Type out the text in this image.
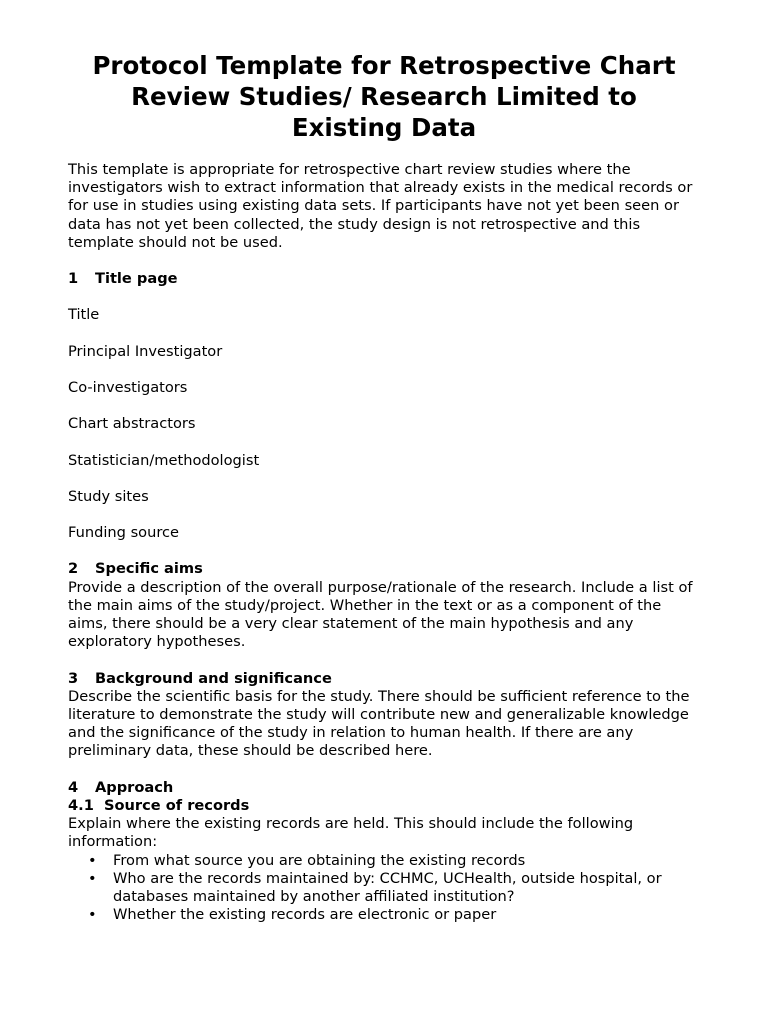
Protocol Template for Retrospective Chart Review Studies/ Research Limited to Existing Data

This template is appropriate for retrospective chart review studies where the investigators wish to extract information that already exists in the medical records or for use in studies using existing data sets. If participants have not yet been seen or data has not yet been collected, the study design is not retrospective and this template should not be used.

1 Title page

Title

Principal Investigator

Co-investigators

Chart abstractors

Statistician/methodologist

Study sites

Funding source

2 Specific aims

Provide a description of the overall purpose/rationale of the research. Include a list of the main aims of the study/project. Whether in the text or as a component of the aims, there should be a very clear statement of the main hypothesis and any exploratory hypotheses.

3 Background and significance

Describe the scientific basis for the study. There should be sufficient reference to the literature to demonstrate the study will contribute new and generalizable knowledge and the significance of the study in relation to human health. If there are any preliminary data, these should be described here.

4 Approach

4.1 Source of records

Explain where the existing records are held. This should include the following information:

• From what source you are obtaining the existing records
• Who are the records maintained by: CCHMC, UCHealth, outside hospital, or databases maintained by another affiliated institution?
• Whether the existing records are electronic or paper
